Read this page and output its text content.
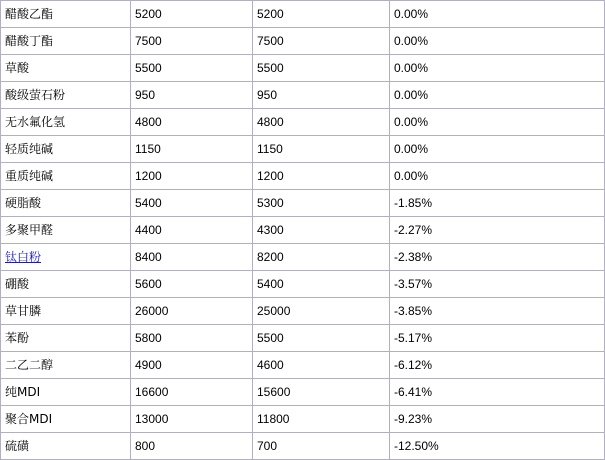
醋酸乙酯	5200	5200	0.00%
醋酸丁酯	7500	7500	0.00%
草酸	5500	5500	0.00%
酸级萤石粉	950	950	0.00%
无水氟化氢	4800	4800	0.00%
轻质纯碱	1150	1150	0.00%
重质纯碱	1200	1200	0.00%
硬脂酸	5400	5300	-1.85%
多聚甲醛	4400	4300	-2.27%
钛白粉	8400	8200	-2.38%
硼酸	5600	5400	-3.57%
草甘膦	26000	25000	-3.85%
苯酚	5800	5500	-5.17%
二乙二醇	4900	4600	-6.12%
纯MDI	16600	15600	-6.41%
聚合MDI	13000	11800	-9.23%
硫磺	800	700	-12.50%
